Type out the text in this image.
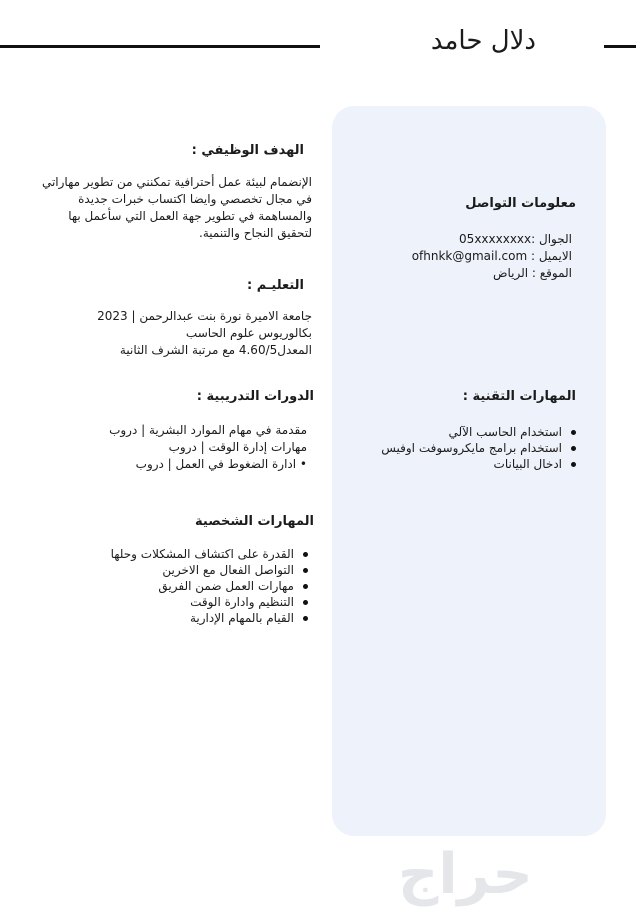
دلال حامد
الهدف الوظيفي :
الإنضمام لبيئة عمل أحترافية تمكنني من تطوير مهاراتي
في مجال تخصصي وايضا اكتساب خبرات جديدة
والمساهمة في تطوير جهة العمل التي سأعمل بها
لتحقيق النجاح والتنمية.
التعليـم :
جامعة الاميرة نورة بنت عبدالرحمن | 2023
بكالوريوس علوم الحاسب
المعدل4.60/5 مع مرتبة الشرف الثانية
الدورات التدريبية :
مقدمة في مهام الموارد البشرية | دروب
مهارات إدارة الوقت | دروب
• ادارة الضغوط في العمل | دروب
المهارات الشخصية
القدرة على اكتشاف المشكلات وحلها
التواصل الفعال مع الاخرين
مهارات العمل ضمن الفريق
التنظيم وادارة الوقت
القيام بالمهام الإدارية
معلومات التواصل
الجوال :05xxxxxxxx
الايميل : ofhnkk@gmail.com
الموقع : الرياض
المهارات التقنية :
استخدام الحاسب الآلي
استخدام برامج مايكروسوفت اوفيس
ادخال البيانات
حراج
